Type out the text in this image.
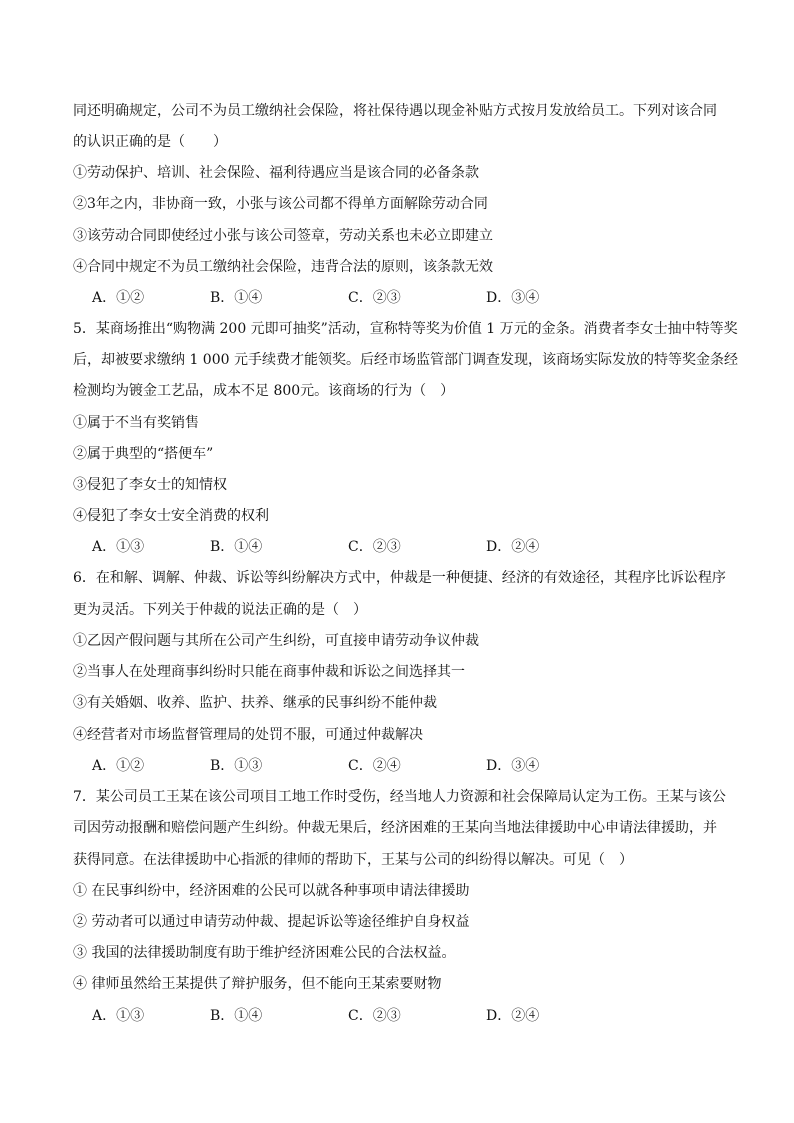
同还明确规定，公司不为员工缴纳社会保险，将社保待遇以现金补贴方式按月发放给员工。下列对该合同
的认识正确的是（　　）
①劳动保护、培训、社会保险、福利待遇应当是该合同的必备条款
②3年之内，非协商一致，小张与该公司都不得单方面解除劳动合同
③该劳动合同即使经过小张与该公司签章，劳动关系也未必立即建立
④合同中规定不为员工缴纳社会保险，违背合法的原则，该条款无效
A．①②	B．①④	C．②③	D．③④
5．某商场推出“购物满 200 元即可抽奖”活动，宣称特等奖为价值 1 万元的金条。消费者李女士抽中特等奖
后，却被要求缴纳 1 000 元手续费才能领奖。后经市场监管部门调查发现，该商场实际发放的特等奖金条经
检测均为镀金工艺品，成本不足 800元。该商场的行为（　）
①属于不当有奖销售
②属于典型的“搭便车”
③侵犯了李女士的知情权
④侵犯了李女士安全消费的权利
A．①③	B．①④	C．②③	D．②④
6．在和解、调解、仲裁、诉讼等纠纷解决方式中，仲裁是一种便捷、经济的有效途径，其程序比诉讼程序
更为灵活。下列关于仲裁的说法正确的是（　）
①乙因产假问题与其所在公司产生纠纷，可直接申请劳动争议仲裁
②当事人在处理商事纠纷时只能在商事仲裁和诉讼之间选择其一
③有关婚姻、收养、监护、扶养、继承的民事纠纷不能仲裁
④经营者对市场监督管理局的处罚不服，可通过仲裁解决
A．①②	B．①③	C．②④	D．③④
7．某公司员工王某在该公司项目工地工作时受伤，经当地人力资源和社会保障局认定为工伤。王某与该公
司因劳动报酬和赔偿问题产生纠纷。仲裁无果后，经济困难的王某向当地法律援助中心申请法律援助，并
获得同意。在法律援助中心指派的律师的帮助下，王某与公司的纠纷得以解决。可见（　）
① 在民事纠纷中，经济困难的公民可以就各种事项申请法律援助
② 劳动者可以通过申请劳动仲裁、提起诉讼等途径维护自身权益
③ 我国的法律援助制度有助于维护经济困难公民的合法权益。
④ 律师虽然给王某提供了辩护服务，但不能向王某索要财物
A．①③	B．①④	C．②③	D．②④
